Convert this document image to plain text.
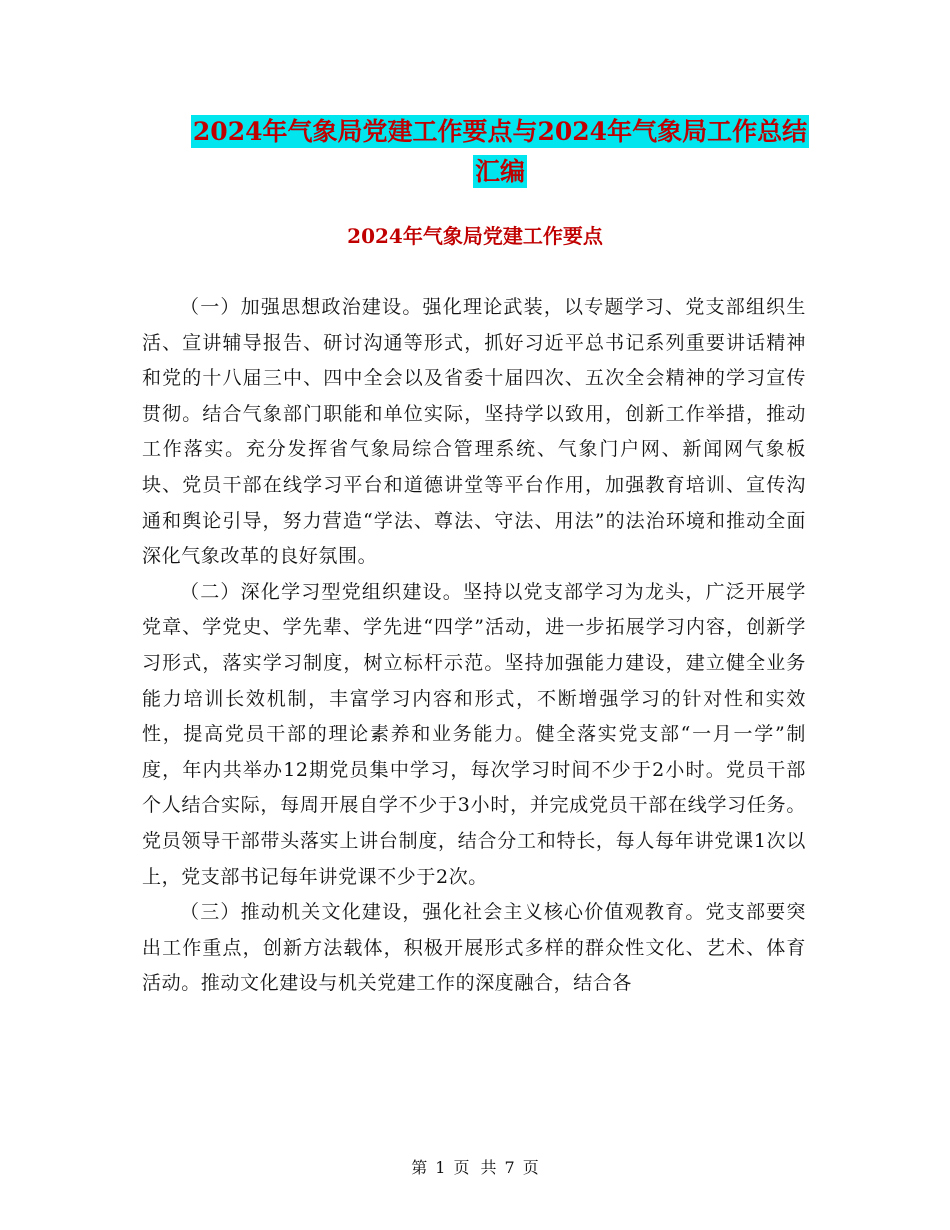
2024年气象局党建工作要点与2024年气象局工作总结
汇编
2024年气象局党建工作要点

（一）加强思想政治建设。强化理论武装，以专题学习、党支部组织生活、宣讲辅导报告、研讨沟通等形式，抓好习近平总书记系列重要讲话精神和党的十八届三中、四中全会以及省委十届四次、五次全会精神的学习宣传贯彻。结合气象部门职能和单位实际，坚持学以致用，创新工作举措，推动工作落实。充分发挥省气象局综合管理系统、气象门户网、新闻网气象板块、党员干部在线学习平台和道德讲堂等平台作用，加强教育培训、宣传沟通和舆论引导，努力营造“学法、尊法、守法、用法”的法治环境和推动全面深化气象改革的良好氛围。

（二）深化学习型党组织建设。坚持以党支部学习为龙头，广泛开展学党章、学党史、学先辈、学先进“四学”活动，进一步拓展学习内容，创新学习形式，落实学习制度，树立标杆示范。坚持加强能力建设，建立健全业务能力培训长效机制，丰富学习内容和形式，不断增强学习的针对性和实效性，提高党员干部的理论素养和业务能力。健全落实党支部“一月一学”制度，年内共举办12期党员集中学习，每次学习时间不少于2小时。党员干部个人结合实际，每周开展自学不少于3小时，并完成党员干部在线学习任务。党员领导干部带头落实上讲台制度，结合分工和特长，每人每年讲党课1次以上，党支部书记每年讲党课不少于2次。

（三）推动机关文化建设，强化社会主义核心价值观教育。党支部要突出工作重点，创新方法载体，积极开展形式多样的群众性文化、艺术、体育活动。推动文化建设与机关党建工作的深度融合，结合各

第 1 页 共 7 页
